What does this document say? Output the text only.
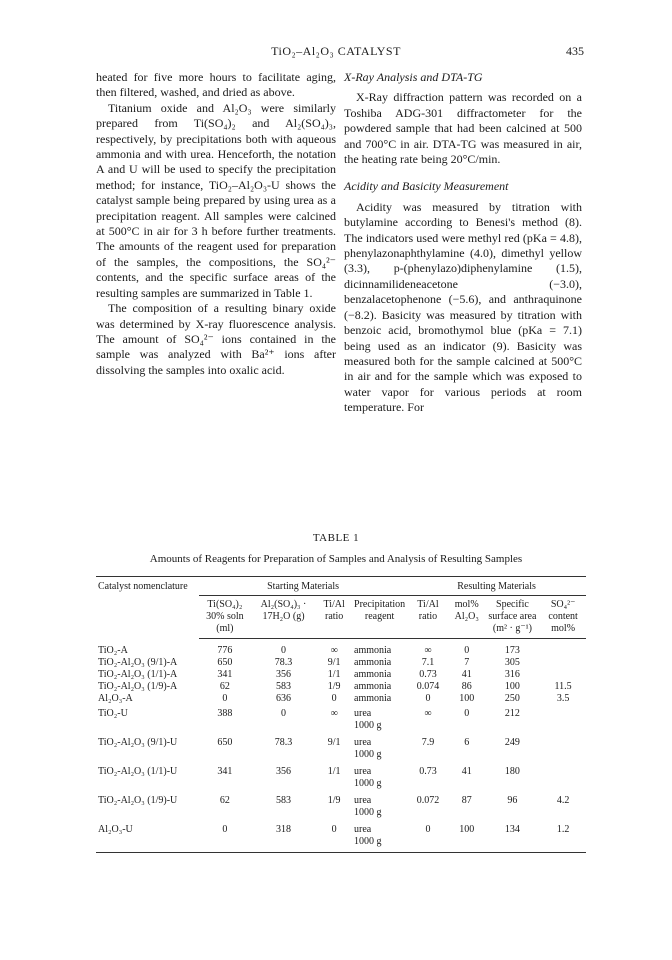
TiO₂–Al₂O₃ CATALYST	435

heated for five more hours to facilitate aging, then filtered, washed, and dried as above.

Titanium oxide and Al₂O₃ were similarly prepared from Ti(SO₄)₂ and Al₂(SO₄)₃, respectively, by precipitations both with aqueous ammonia and with urea. Henceforth, the notation A and U will be used to specify the precipitation method; for instance, TiO₂–Al₂O₃-U shows the catalyst sample being prepared by using urea as a precipitation reagent. All samples were calcined at 500°C in air for 3 h before further treatments. The amounts of the reagent used for preparation of the samples, the compositions, the SO₄²⁻ contents, and the specific surface areas of the resulting samples are summarized in Table 1.

The composition of a resulting binary oxide was determined by X-ray fluorescence analysis. The amount of SO₄²⁻ ions contained in the sample was analyzed with Ba²⁺ ions after dissolving the samples into oxalic acid.

X-Ray Analysis and DTA-TG

X-Ray diffraction pattern was recorded on a Toshiba ADG-301 diffractometer for the powdered sample that had been calcined at 500 and 700°C in air. DTA-TG was measured in air, the heating rate being 20°C/min.

Acidity and Basicity Measurement

Acidity was measured by titration with butylamine according to Benesi's method (8). The indicators used were methyl red (pKa = 4.8), phenylazonaphthylamine (4.0), dimethyl yellow (3.3), p-(phenylazo)diphenylamine (1.5), dicinnamilideneacetone (−3.0), benzalacetophenone (−5.6), and anthraquinone (−8.2). Basicity was measured by titration with benzoic acid, bromothymol blue (pKa = 7.1) being used as an indicator (9). Basicity was measured both for the sample calcined at 500°C in air and for the sample which was exposed to water vapor for various periods at room temperature. For

TABLE 1
Amounts of Reagents for Preparation of Samples and Analysis of Resulting Samples
Catalyst nomenclature	Starting Materials				Resulting Materials			
	Ti(SO₄)₂ 30% soln (ml)	Al₂(SO₄)₃ · 17H₂O (g)	Ti/Al ratio	Precipitation reagent	Ti/Al ratio	mol% Al₂O₃	Specific surface area (m² · g⁻¹)	SO₄²⁻ content mol%
TiO₂-A	776	0	∞	ammonia	∞	0	173	
TiO₂-Al₂O₃ (9/1)-A	650	78.3	9/1	ammonia	7.1	7	305	
TiO₂-Al₂O₃ (1/1)-A	341	356	1/1	ammonia	0.73	41	316	
TiO₂-Al₂O₃ (1/9)-A	62	583	1/9	ammonia	0.074	86	100	11.5
Al₂O₃-A	0	636	0	ammonia	0	100	250	3.5
TiO₂-U	388	0	∞	urea	∞	0	212	
				1000 g				
TiO₂-Al₂O₃ (9/1)-U	650	78.3	9/1	urea	7.9	6	249	
				1000 g				
TiO₂-Al₂O₃ (1/1)-U	341	356	1/1	urea	0.73	41	180	
				1000 g				
TiO₂-Al₂O₃ (1/9)-U	62	583	1/9	urea	0.072	87	96	4.2
				1000 g				
Al₂O₃-U	0	318	0	urea	0	100	134	1.2
				1000 g				
